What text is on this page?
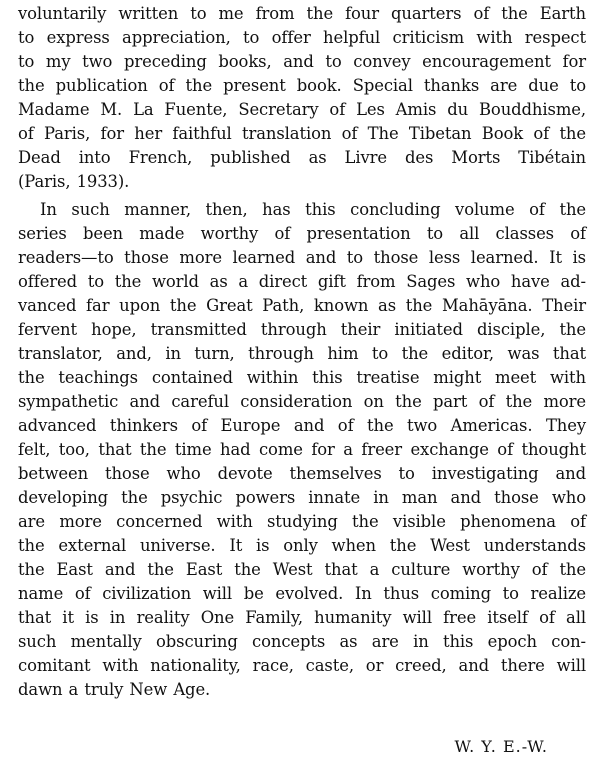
voluntarily written to me from the four quarters of the Earth

to express appreciation, to offer helpful criticism with respect

to my two preceding books, and to convey encouragement for

the publication of the present book. Special thanks are due to

Madame M. La Fuente, Secretary of Les Amis du Bouddhisme,

of Paris, for her faithful translation of The Tibetan Book of the

Dead into French, published as Livre des Morts Tibétain

(Paris, 1933).

In such manner, then, has this concluding volume of the

series been made worthy of presentation to all classes of

readers—to those more learned and to those less learned. It is

offered to the world as a direct gift from Sages who have ad-

vanced far upon the Great Path, known as the Mahāyāna. Their

fervent hope, transmitted through their initiated disciple, the

translator, and, in turn, through him to the editor, was that

the teachings contained within this treatise might meet with

sympathetic and careful consideration on the part of the more

advanced thinkers of Europe and of the two Americas. They

felt, too, that the time had come for a freer exchange of thought

between those who devote themselves to investigating and

developing the psychic powers innate in man and those who

are more concerned with studying the visible phenomena of

the external universe. It is only when the West understands

the East and the East the West that a culture worthy of the

name of civilization will be evolved. In thus coming to realize

that it is in reality One Family, humanity will free itself of all

such mentally obscuring concepts as are in this epoch con-

comitant with nationality, race, caste, or creed, and there will

dawn a truly New Age.

W. Y. E.-W.
